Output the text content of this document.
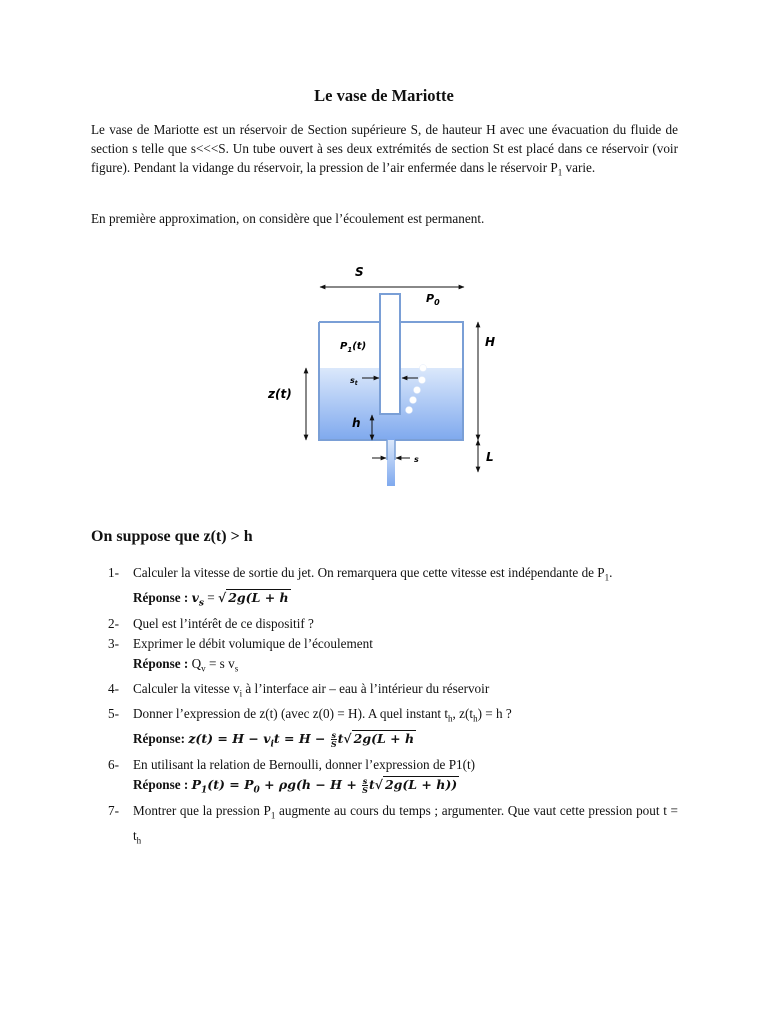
Le vase de Mariotte

Le vase de Mariotte est un réservoir de Section supérieure S, de hauteur H avec une évacuation du fluide de section s telle que s<<<S. Un tube ouvert à ses deux extrémités de section St est placé dans ce réservoir (voir figure). Pendant la vidange du réservoir, la pression de l’air enfermée dans le réservoir $P_1$ varie.

En première approximation, on considère que l’écoulement est permanent.

S
$P_0$
$P_1(t)$	H
z(t)
$s_t$
h
s	L
On suppose que z(t) > h
1- Calculer la vitesse de sortie du jet. On remarquera que cette vitesse est indépendante de $P_1$.
Réponse : $v_s$ = √ 2g(L + h
2- Quel est l’intérêt de ce dispositif ?
3- Exprimer le débit volumique de l’écoulement
Réponse : $Q_v = s$ $v_s$
4- Calculer la vitesse $v_i$ à l’interface air – eau à l’intérieur du réservoir
5- Donner l’expression de z(t) (avec z(0) = H). A quel instant $t_h$, $z(t_h) = h$ ?
Réponse: $z(t) = H - v_it = H - \frac{s}{S} t√$ 2g(L + h
6- En utilisant la relation de Bernoulli, donner l’expression de P1(t)
Réponse : $P_1(t) = P_0 + \rho g(h - H + \frac{s}{S} t√$ 2g(L + h))
7- Montrer que la pression $P_1$ augmente au cours du temps ; argumenter. Que vaut cette pression pout $t = t_h$
